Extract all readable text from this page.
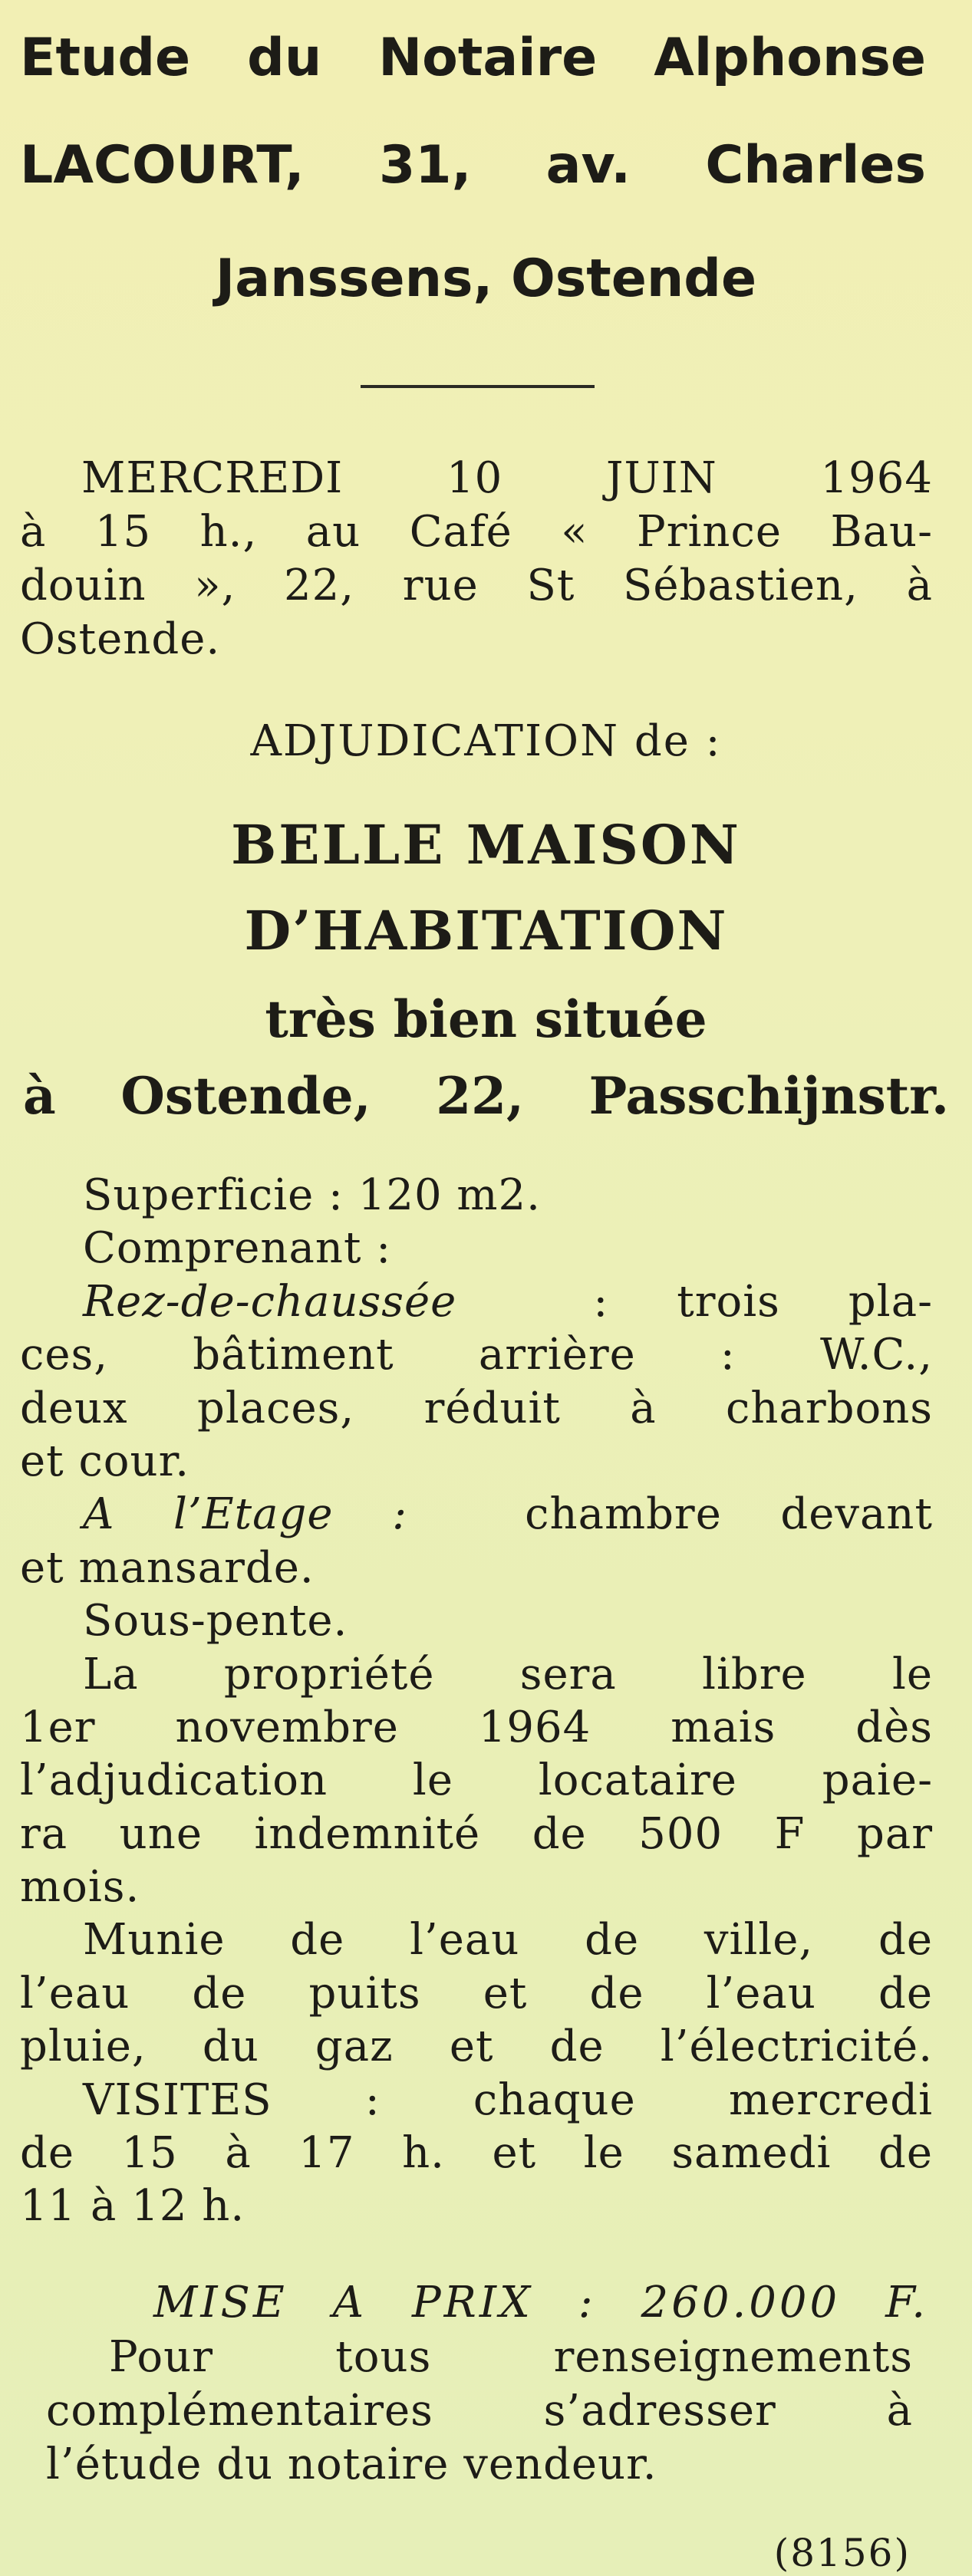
Etude du Notaire Alphonse
LACOURT, 31, av. Charles
Janssens, Ostende
MERCREDI 10 JUIN 1964
à 15 h., au Café « Prince Bau-
douin », 22, rue St Sébastien, à
Ostende.
ADJUDICATION de :
BELLE MAISON
D’HABITATION
très bien située
à Ostende, 22, Passchijnstr.
Superficie : 120 m2.
Comprenant :
Rez-de-chaussée	: trois pla-
ces, bâtiment arrière : W.C.,
deux places, réduit à charbons
et cour.
A l’Etage :	chambre devant
et mansarde.
Sous-pente.
La propriété sera libre le
1er novembre 1964 mais dès
l’adjudication le locataire paie-
ra une indemnité de 500 F par
mois.
Munie de l’eau de ville, de
l’eau de puits et de l’eau de
pluie, du gaz et de l’électricité.
VISITES : chaque mercredi
de 15 à 17 h. et le samedi de
11 à 12 h.
MISE A PRIX : 260.000 F.
Pour tous renseignements
complémentaires s’adresser à
l’étude du notaire vendeur.
(8156)
